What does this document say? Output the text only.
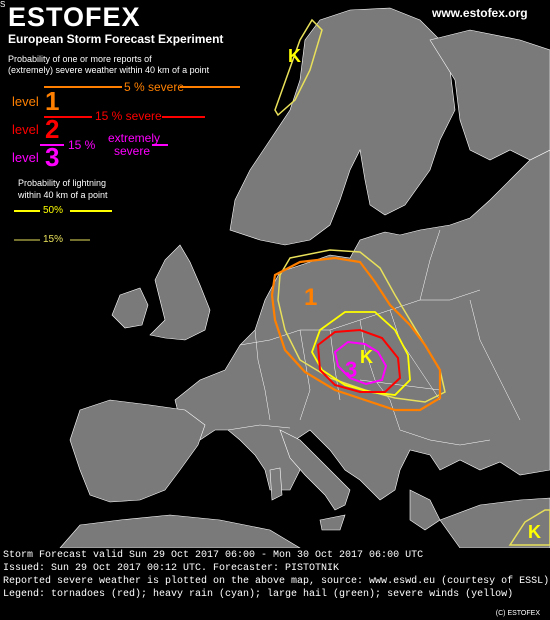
1
3 K
K
K
S ESTOFEX
European Storm Forecast Experiment
www.estofex.org
Probability of one or more reports of
(extremely) severe weather within 40 km of a point
level 1	5 % severe
level 2	15 % severe
level 3 15 % extremely
severe
Probability of lightning
within 40 km of a point
50%
15%
Storm Forecast valid Sun 29 Oct 2017 06:00 - Mon 30 Oct 2017 06:00 UTC
Issued: Sun 29 Oct 2017 00:12 UTC. Forecaster: PISTOTNIK
Reported severe weather is plotted on the above map, source: www.eswd.eu (courtesy of ESSL)
Legend: tornadoes (red); heavy rain (cyan); large hail (green); severe winds (yellow)
(C) ESTOFEX
